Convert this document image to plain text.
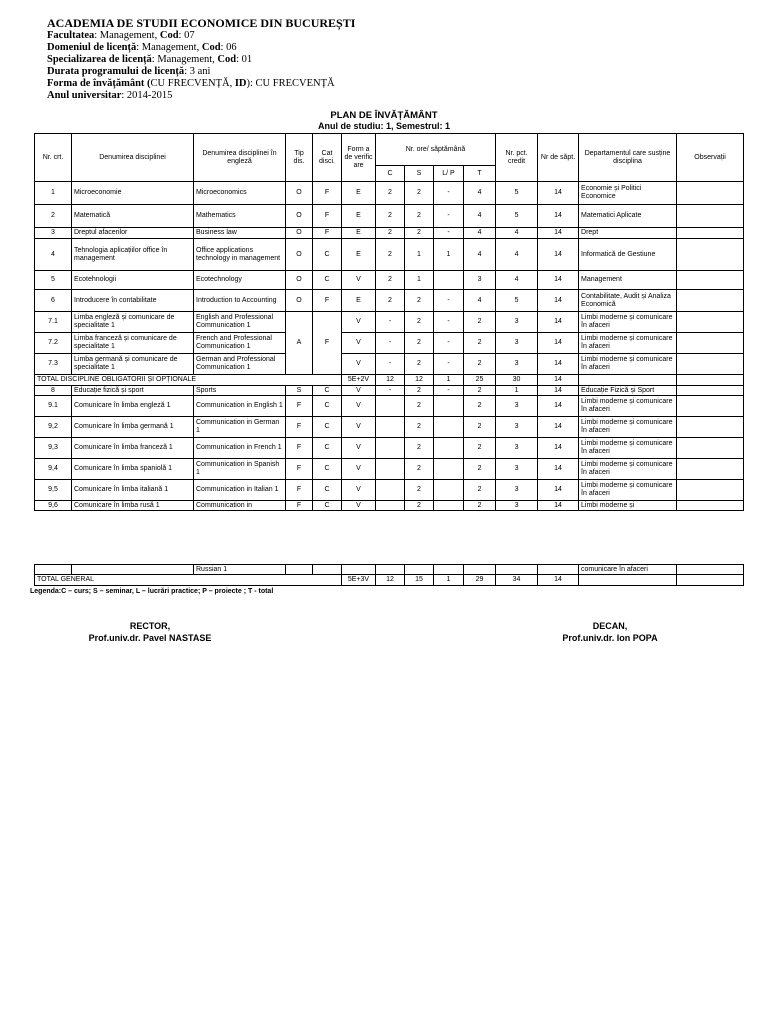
ACADEMIA DE STUDII ECONOMICE DIN BUCUREȘTI
Facultatea: Management, Cod: 07
Domeniul de licență: Management, Cod: 06
Specializarea de licență: Management, Cod: 01
Durata programului de licență: 3 ani
Forma de învățământ (CU FRECVENȚĂ, ID): CU FRECVENȚĂ
Anul universitar: 2014-2015
PLAN DE ÎNVĂȚĂMÂNT
Anul de studiu: 1, Semestrul: 1
Nr. crt.	Denumirea disciplinei	Denumirea disciplinei în engleză	Tip dis.	Cat disci.	Form a de verific are	Nr. ore/ săptămână				Nr. pct. credit	Nr de săpt.	Departamentul care susține disciplina	Observații
						C	S	L/ P	T				
1	Microeconomie	Microeconomics	O	F	E	2	2	-	4	5	14	Economie și Politici Economice	
2	Matematică	Mathematics	O	F	E	2	2	-	4	5	14	Matematici Aplicate	
3	Dreptul afacerilor	Business law	O	F	E	2	2	-	4	4	14	Drept	
4	Tehnologia aplicațiilor office în management	Office applications technology in management	O	C	E	2	1	1	4	4	14	Informatică de Gestiune	
5	Ecotehnologii	Ecotechnology	O	C	V	2	1		3	4	14	Management	
6	Introducere în contabilitate	Introduction to Accounting	O	F	E	2	2	-	4	5	14	Contabilitate, Audit și Analiza Economică	
7.1	Limba engleză și comunicare de specialitate 1	English and Professional Communication 1	A	F	V	-	2	-	2	3	14	Limbi moderne și comunicare în afaceri	
7.2	Limba franceză și comunicare de specialitate 1	French and Professional Communication 1			V	-	2	-	2	3	14	Limbi moderne și comunicare în afaceri	
7.3	Limba germană și comunicare de specialitate 1	German and Professional Communication 1			V	-	2	-	2	3	14	Limbi moderne și comunicare în afaceri	
TOTAL DISCIPLINE OBLIGATORII ȘI OPȚIONALE					5E+2V	12	12	1	25	30	14		
8	Educație fizică și sport	Sports	S	C	V	-	2	-	2	1	14	Educație Fizică și Sport	
9.1	Comunicare în limba engleză 1	Communication in English 1	F	C	V		2		2	3	14	Limbi moderne și comunicare în afaceri	
9,2	Comunicare în limba germană 1	Communication in German 1	F	C	V		2		2	3	14	Limbi moderne și comunicare în afaceri	
9,3	Comunicare în limba franceză 1	Communication in French 1	F	C	V		2		2	3	14	Limbi moderne și comunicare în afaceri	
9,4	Comunicare în limba spaniolă 1	Communication in Spanish 1	F	C	V		2		2	3	14	Limbi moderne și comunicare în afaceri	
9,5	Comunicare în limba italiană 1	Communication in Italian 1	F	C	V		2		2	3	14	Limbi moderne și comunicare în afaceri	
9,6	Comunicare în limba rusă 1	Communication in	F	C	V		2		2	3	14	Limbi moderne și	
		Russian 1										comunicare în afaceri	
TOTAL GENERAL					5E+3V	12	15	1	29	34	14		
Legenda:C – curs; S – seminar, L – lucrări practice; P – proiecte ; T - total
RECTOR,
Prof.univ.dr. Pavel NASTASE
DECAN,
Prof.univ.dr. Ion POPA
